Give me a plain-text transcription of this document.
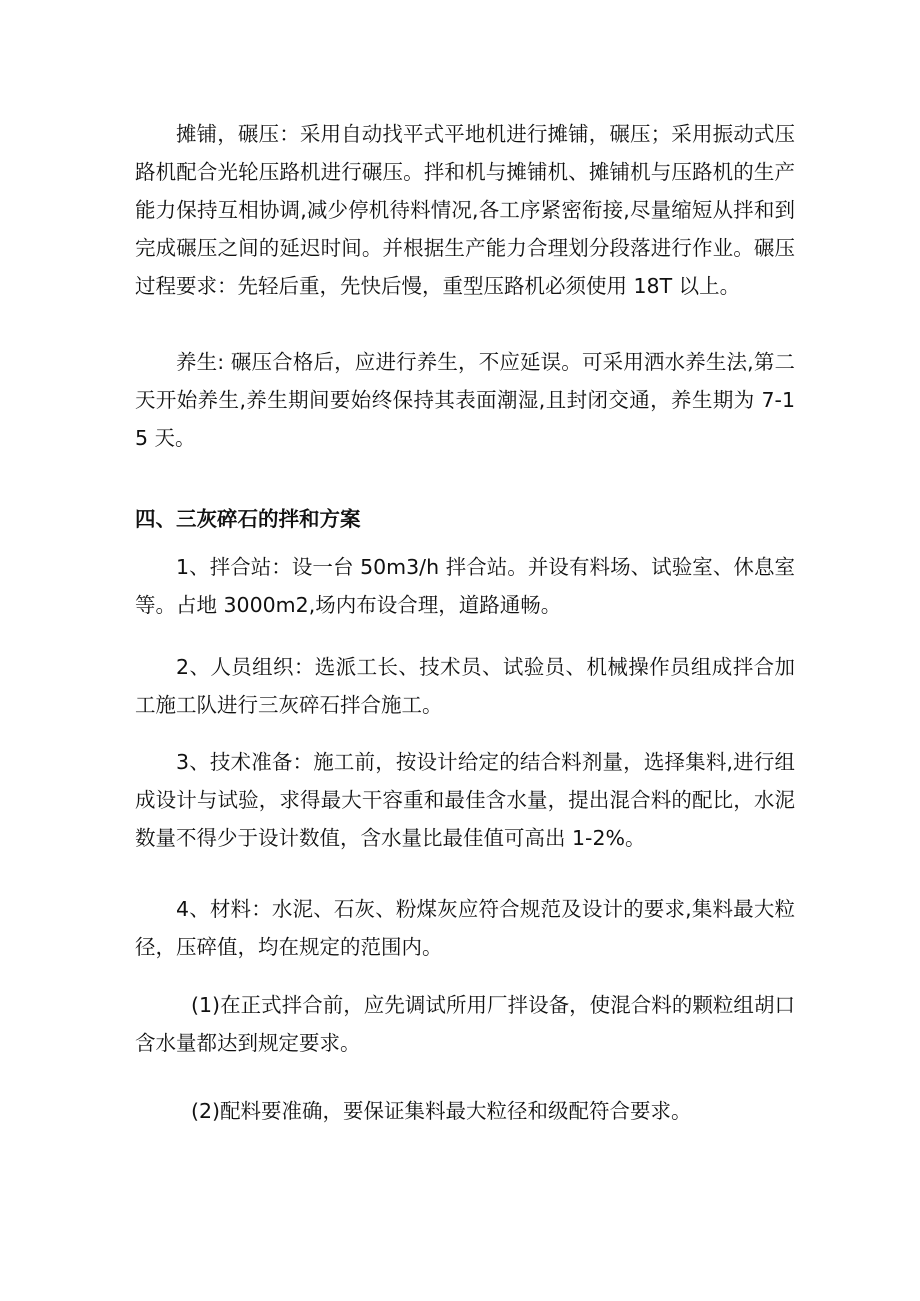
摊铺，碾压：采用自动找平式平地机进行摊铺，碾压；采用振动式压路机配合光轮压路机进行碾压。拌和机与摊铺机、摊铺机与压路机的生产能力保持互相协调,减少停机待料情况,各工序紧密衔接,尽量缩短从拌和到完成碾压之间的延迟时间。并根据生产能力合理划分段落进行作业。碾压过程要求：先轻后重，先快后慢，重型压路机必须使用 18T 以上。

养生: 碾压合格后，应进行养生，不应延误。可采用洒水养生法,第二天开始养生,养生期间要始终保持其表面潮湿,且封闭交通，养生期为 7-15 天。

四、三灰碎石的拌和方案

1、拌合站：设一台 50m3/h 拌合站。并设有料场、试验室、休息室等。占地 3000m2,场内布设合理，道路通畅。

2、人员组织：选派工长、技术员、试验员、机械操作员组成拌合加工施工队进行三灰碎石拌合施工。

3、技术准备：施工前，按设计给定的结合料剂量，选择集料,进行组成设计与试验，求得最大干容重和最佳含水量，提出混合料的配比，水泥数量不得少于设计数值，含水量比最佳值可高出 1-2%。

4、材料：水泥、石灰、粉煤灰应符合规范及设计的要求,集料最大粒径，压碎值，均在规定的范围内。

(1)在正式拌合前，应先调试所用厂拌设备，使混合料的颗粒组胡口含水量都达到规定要求。

(2)配料要准确，要保证集料最大粒径和级配符合要求。
